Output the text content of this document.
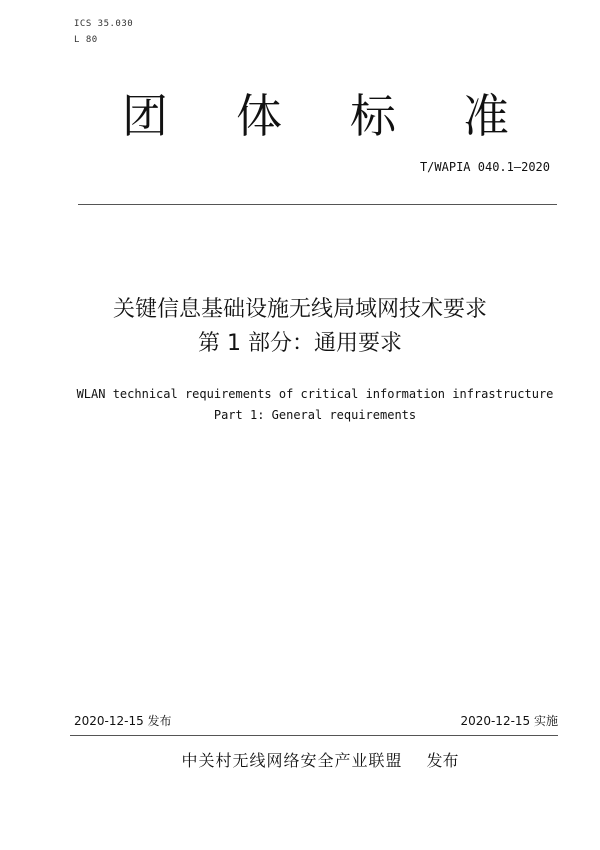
ICS 35.030
L 80
团 体 标 准
T/WAPIA 040.1—2020
关键信息基础设施无线局域网技术要求
第 1 部分：通用要求
WLAN technical requirements of critical information infrastructure
Part 1: General requirements
2020-12-15 发布	2020-12-15 实施
中关村无线网络安全产业联盟 发布
